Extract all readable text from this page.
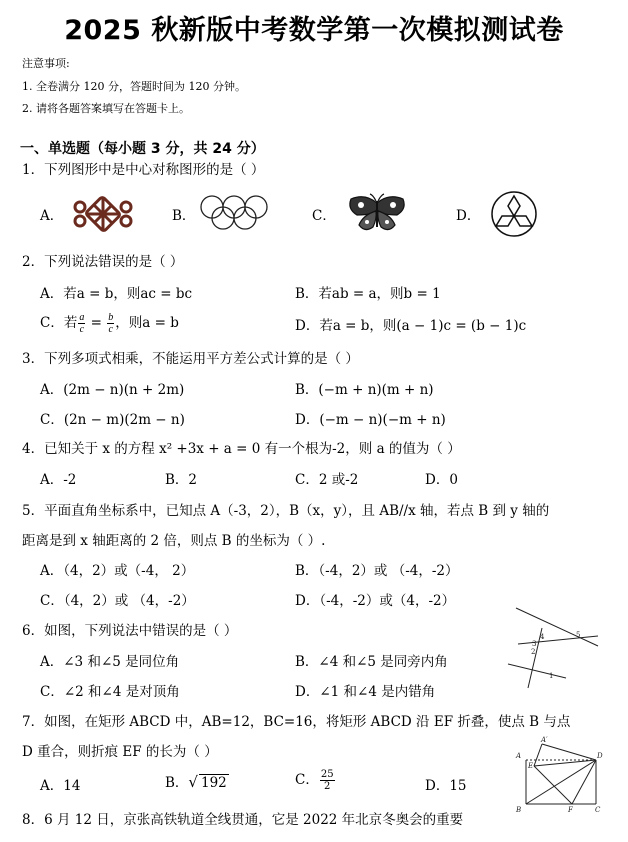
2025 秋新版中考数学第一次模拟测试卷
注意事项:
1. 全卷满分 120 分，答题时间为 120 分钟。
2. 请将各题答案填写在答题卡上。
一、单选题（每小题 3 分，共 24 分）
1．下列图形中是中心对称图形的是（ ）
A．	B．	C．	D．
2．下列说法错误的是（ ）
A．若a = b，则ac = bc	B．若ab = a，则b = 1
C．若 $\frac{a}{c} = \frac{b}{c}$ ，则a = b	D．若a = b，则(a − 1)c = (b − 1)c
3．下列多项式相乘，不能运用平方差公式计算的是（ ）
A．(2m − n)(n + 2m)	B．(−m + n)(m + n)
C．(2n − m)(2m − n)	D．(−m − n)(−m + n)
4．已知关于 x 的方程 x² +3x + a = 0 有一个根为-2，则 a 的值为（ ）
A．-2	B．2	C．2 或-2	D．0
5．平面直角坐标系中，已知点 A（-3，2），B（x，y），且 AB//x 轴，若点 B 到 y 轴的
距离是到 x 轴距离的 2 倍，则点 B 的坐标为（ ）.
A．（4，2）或（-4， 2）	B．（-4，2）或 （-4，-2）
C．（4，2）或 （4，-2）	D．（-4，-2）或（4，-2）
6．如图，下列说法中错误的是（ ）
A．∠3 和∠5 是同位角	B．∠4 和∠5 是同旁内角
C．∠2 和∠4 是对顶角	D．∠1 和∠4 是内错角
1
2
3
4	5
7．如图，在矩形 ABCD 中，AB=12，BC=16，将矩形 ABCD 沿 EF 折叠，使点 B 与点
D 重合，则折痕 EF 的长为（ ）
A．14	B．√ 192	C． $\frac{25}{2}$	D．15
A′
A
E
D
B	F	C
8．6 月 12 日，京张高铁轨道全线贯通，它是 2022 年北京冬奥会的重要
